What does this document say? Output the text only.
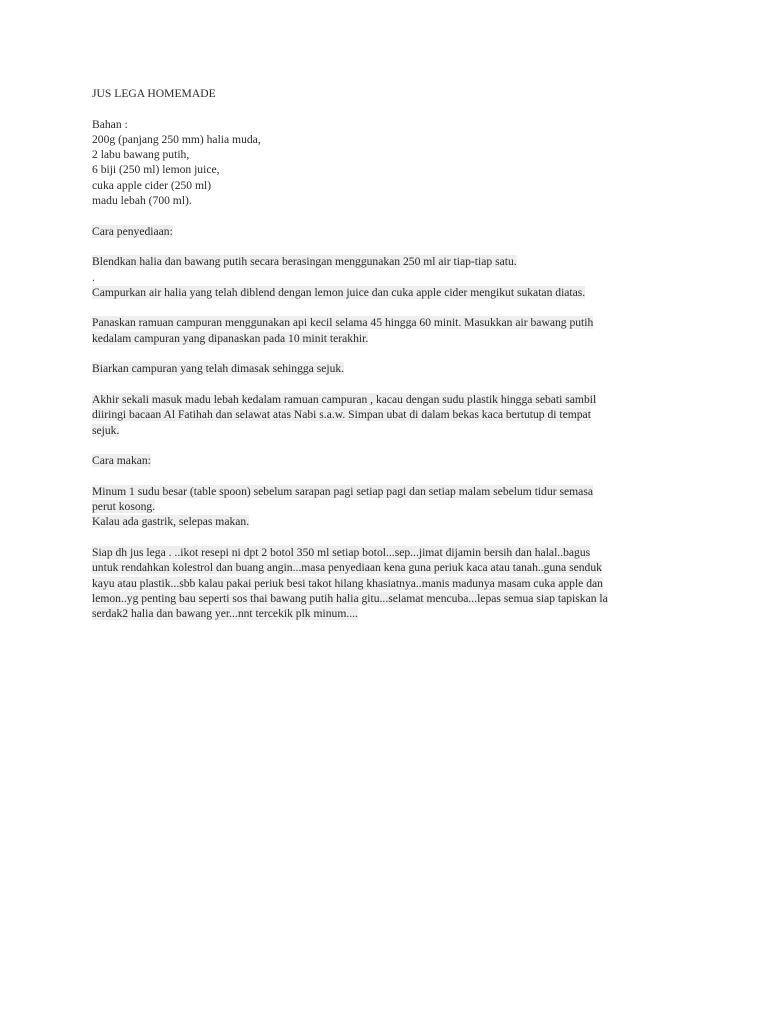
JUS LEGA HOMEMADE
Bahan :
200g (panjang 250 mm) halia muda,
2 labu bawang putih,
6 biji (250 ml) lemon juice,
cuka apple cider (250 ml)
madu lebah (700 ml).
Cara penyediaan:
Blendkan halia dan bawang putih secara berasingan menggunakan 250 ml air tiap-tiap satu.
.
Campurkan air halia yang telah diblend dengan lemon juice dan cuka apple cider mengikut sukatan diatas.
Panaskan ramuan campuran menggunakan api kecil selama 45 hingga 60 minit. Masukkan air bawang putih
kedalam campuran yang dipanaskan pada 10 minit terakhir.
Biarkan campuran yang telah dimasak sehingga sejuk.
Akhir sekali masuk madu lebah kedalam ramuan campuran , kacau dengan sudu plastik hingga sebati sambil
diiringi bacaan Al Fatihah dan selawat atas Nabi s.a.w. Simpan ubat di dalam bekas kaca bertutup di tempat
sejuk.
Cara makan:
Minum 1 sudu besar (table spoon) sebelum sarapan pagi setiap pagi dan setiap malam sebelum tidur semasa
perut kosong.
Kalau ada gastrik, selepas makan.
Siap dh jus lega . ..ikot resepi ni dpt 2 botol 350 ml setiap botol...sep...jimat dijamin bersih dan halal..bagus
untuk rendahkan kolestrol dan buang angin...masa penyediaan kena guna periuk kaca atau tanah..guna senduk
kayu atau plastik...sbb kalau pakai periuk besi takot hilang khasiatnya..manis madunya masam cuka apple dan
lemon..yg penting bau seperti sos thai bawang putih halia gitu...selamat mencuba...lepas semua siap tapiskan la
serdak2 halia dan bawang yer...nnt tercekik plk minum....
